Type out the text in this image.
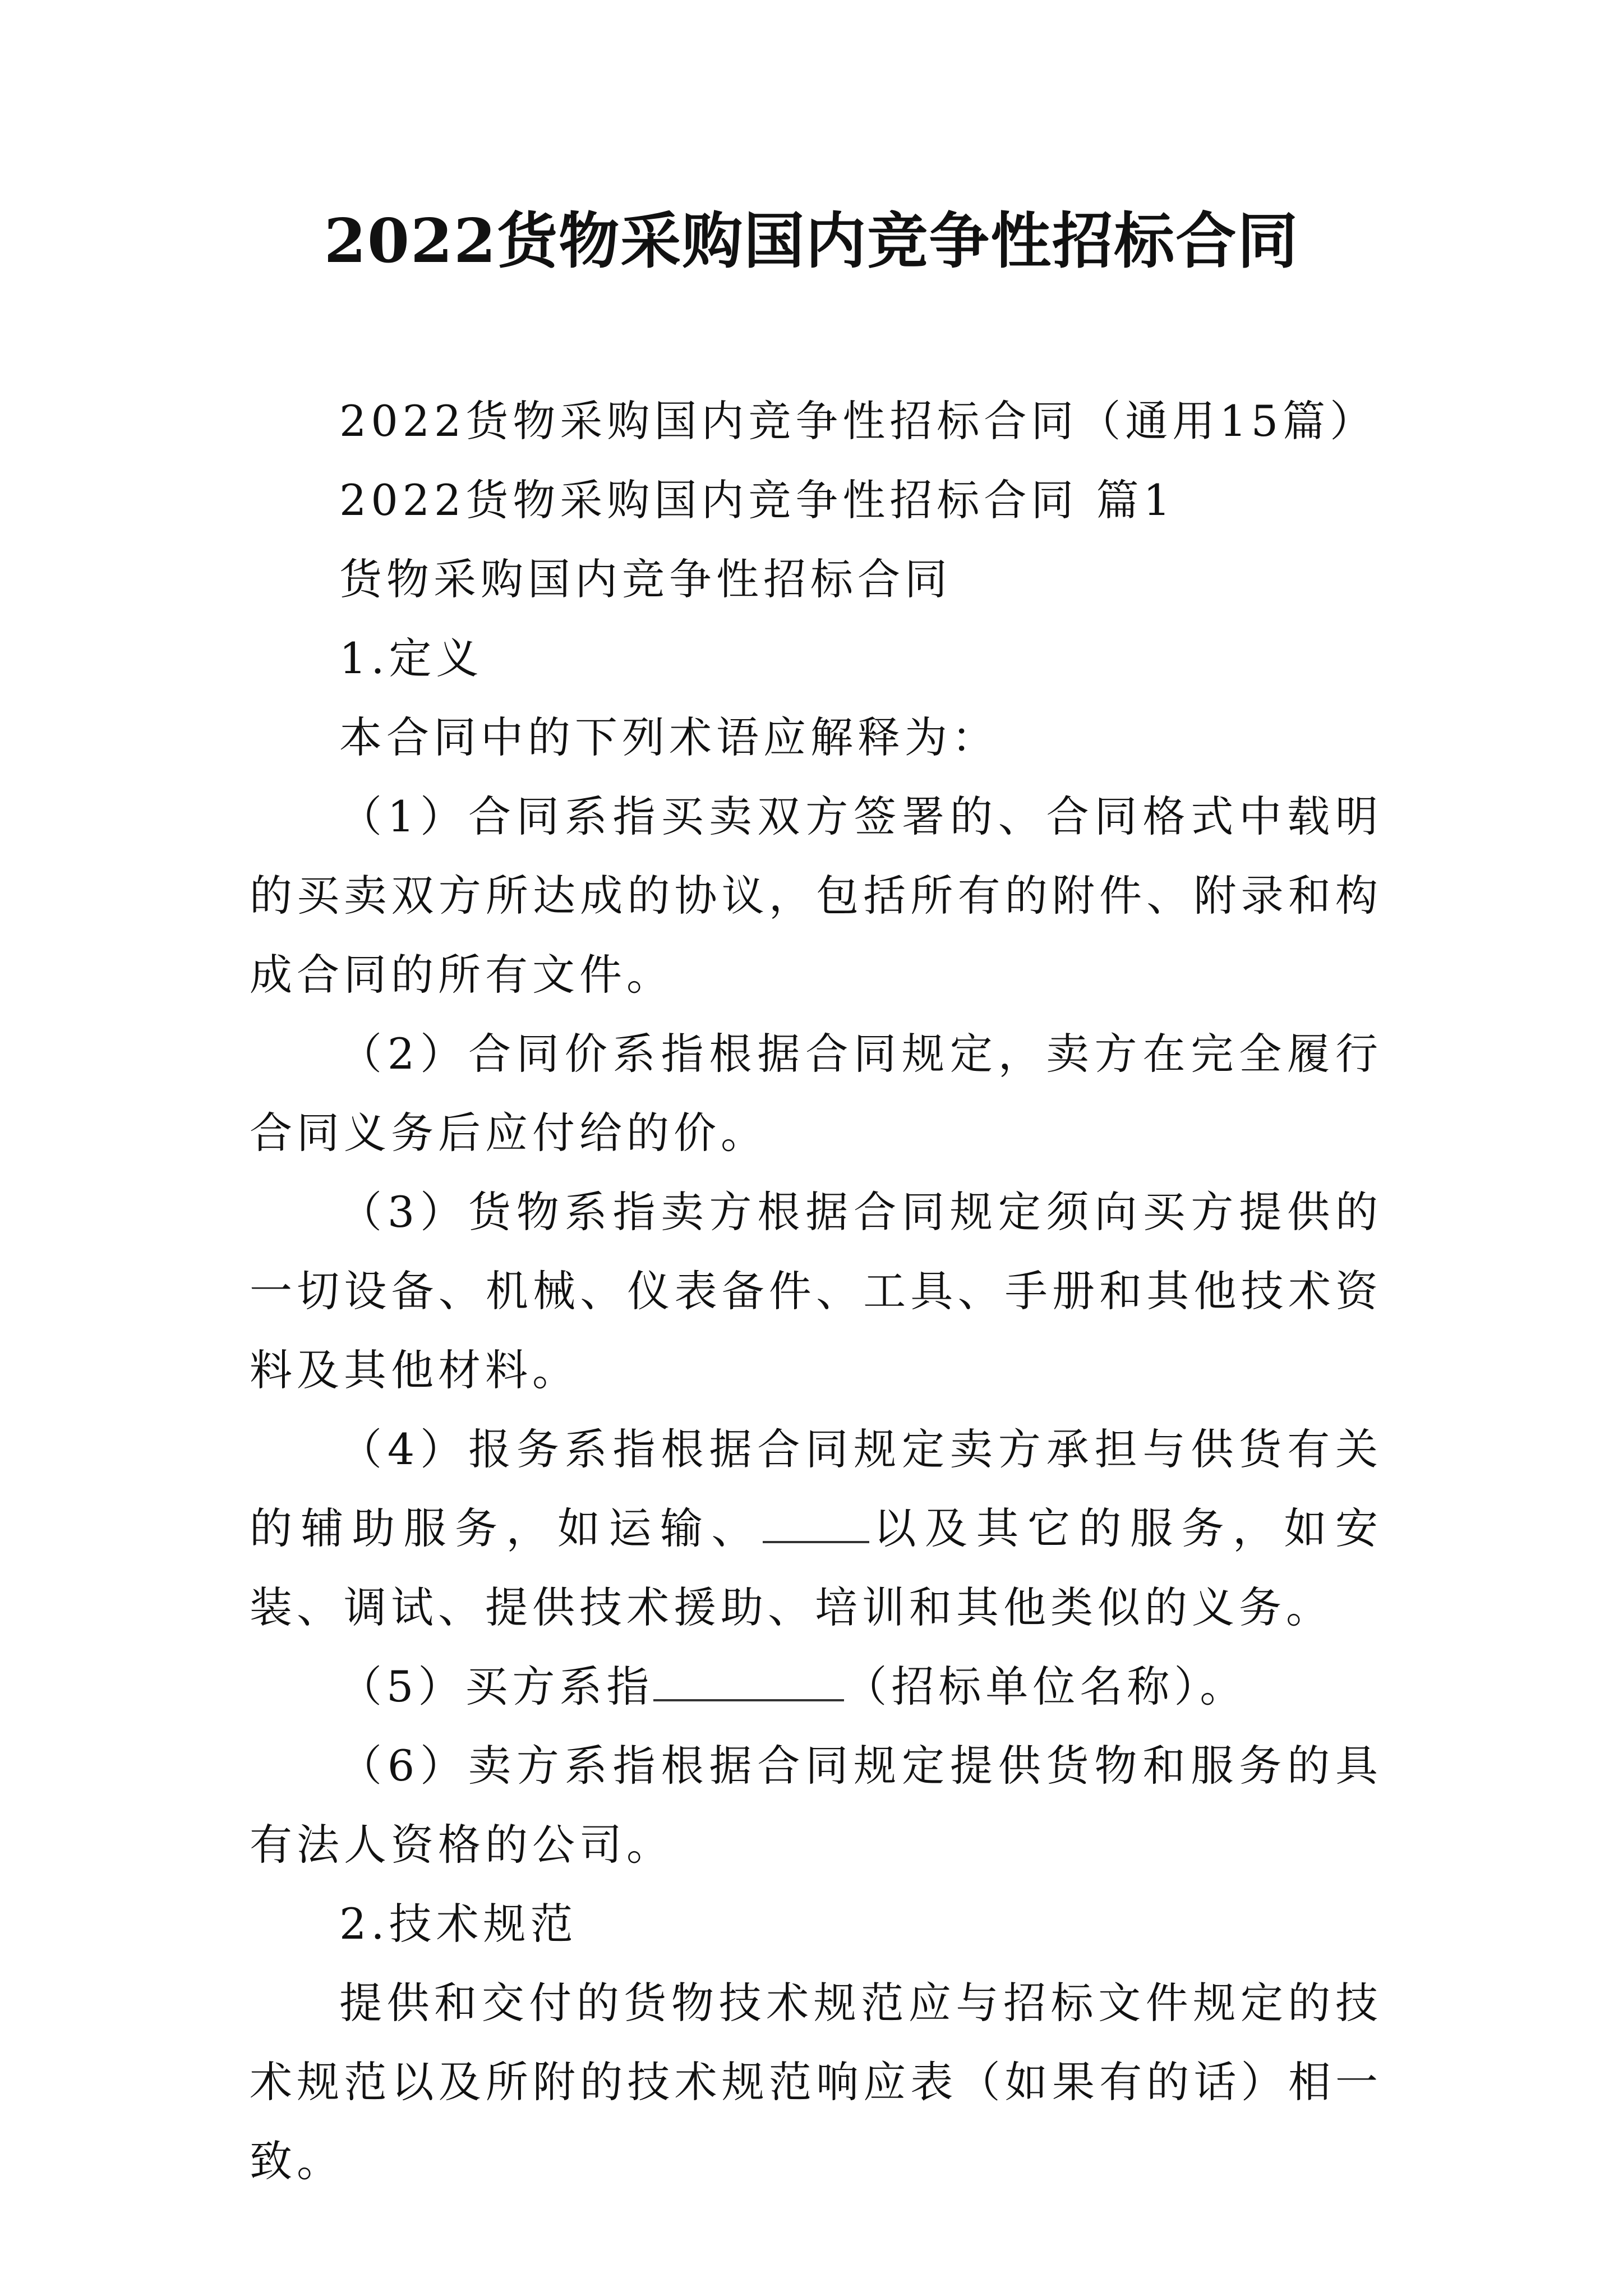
2022货物采购国内竞争性招标合同

2022货物采购国内竞争性招标合同（通用15篇）

2022货物采购国内竞争性招标合同 篇1

货物采购国内竞争性招标合同

1.定义

本合同中的下列术语应解释为：

（1）合同系指买卖双方签署的、合同格式中载明的买卖双方所达成的协议，包括所有的附件、附录和构成合同的所有文件。

（2）合同价系指根据合同规定，卖方在完全履行合同义务后应付给的价。

（3）货物系指卖方根据合同规定须向买方提供的一切设备、机械、仪表备件、工具、手册和其他技术资料及其他材料。

（4）报务系指根据合同规定卖方承担与供货有关的辅助服务，如运输、	以及其它的服务，如安装、调试、提供技术援助、培训和其他类似的义务。

（5）买方系指	（招标单位名称）。

（6）卖方系指根据合同规定提供货物和服务的具有法人资格的公司。

2.技术规范

提供和交付的货物技术规范应与招标文件规定的技术规范以及所附的技术规范响应表（如果有的话）相一致。
